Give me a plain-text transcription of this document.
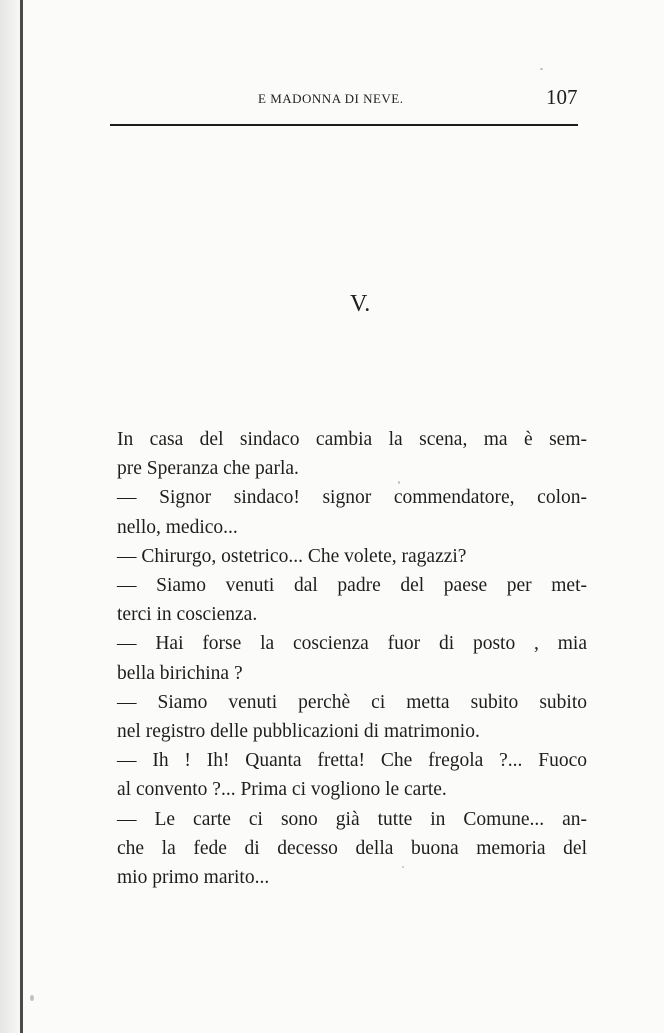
E MADONNA DI NEVE.	107
V.

In casa del sindaco cambia la scena, ma è sem-
pre Speranza che parla.

— Signor sindaco! signor commendatore, colon-
nello, medico...

— Chirurgo, ostetrico... Che volete, ragazzi?

— Siamo venuti dal padre del paese per met-
terci in coscienza.

— Hai forse la coscienza fuor di posto , mia
bella birichina ?

— Siamo venuti perchè ci metta subito subito
nel registro delle pubblicazioni di matrimonio.

— Ih ! Ih! Quanta fretta! Che fregola ?... Fuoco
al convento ?... Prima ci vogliono le carte.

— Le carte ci sono già tutte in Comune... an-
che la fede di decesso della buona memoria del
mio primo marito...
